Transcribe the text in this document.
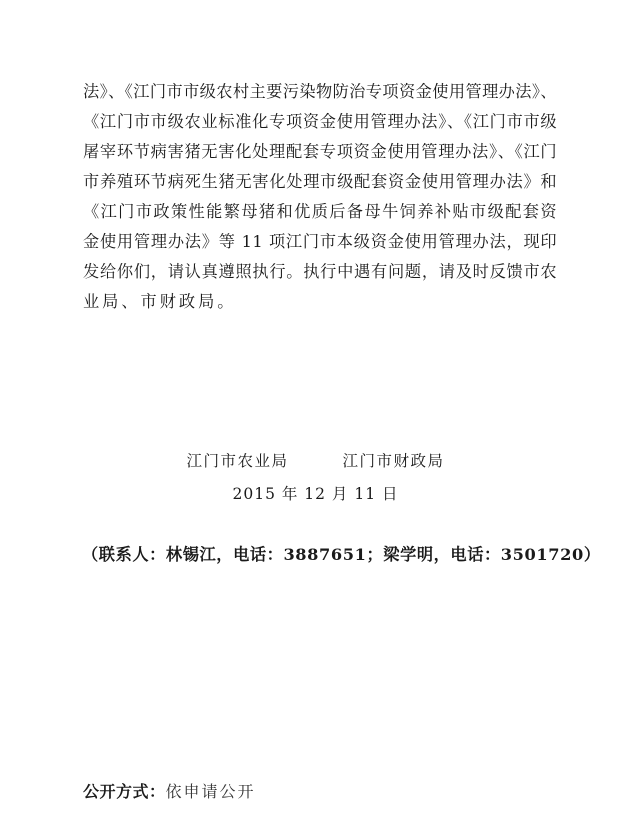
法》、《江门市市级农村主要污染物防治专项资金使用管理办法》、
《江门市市级农业标准化专项资金使用管理办法》、《江门市市级
屠宰环节病害猪无害化处理配套专项资金使用管理办法》、《江门
市养殖环节病死生猪无害化处理市级配套资金使用管理办法》和
《江门市政策性能繁母猪和优质后备母牛饲养补贴市级配套资
金使用管理办法》等 11 项江门市本级资金使用管理办法，现印
发给你们，请认真遵照执行。执行中遇有问题，请及时反馈市农
业局、市财政局。
江门市农业局	江门市财政局
2015 年 12 月 11 日
（联系人：林锡江，电话：3887651；梁学明，电话：3501720）
公开方式：依申请公开
